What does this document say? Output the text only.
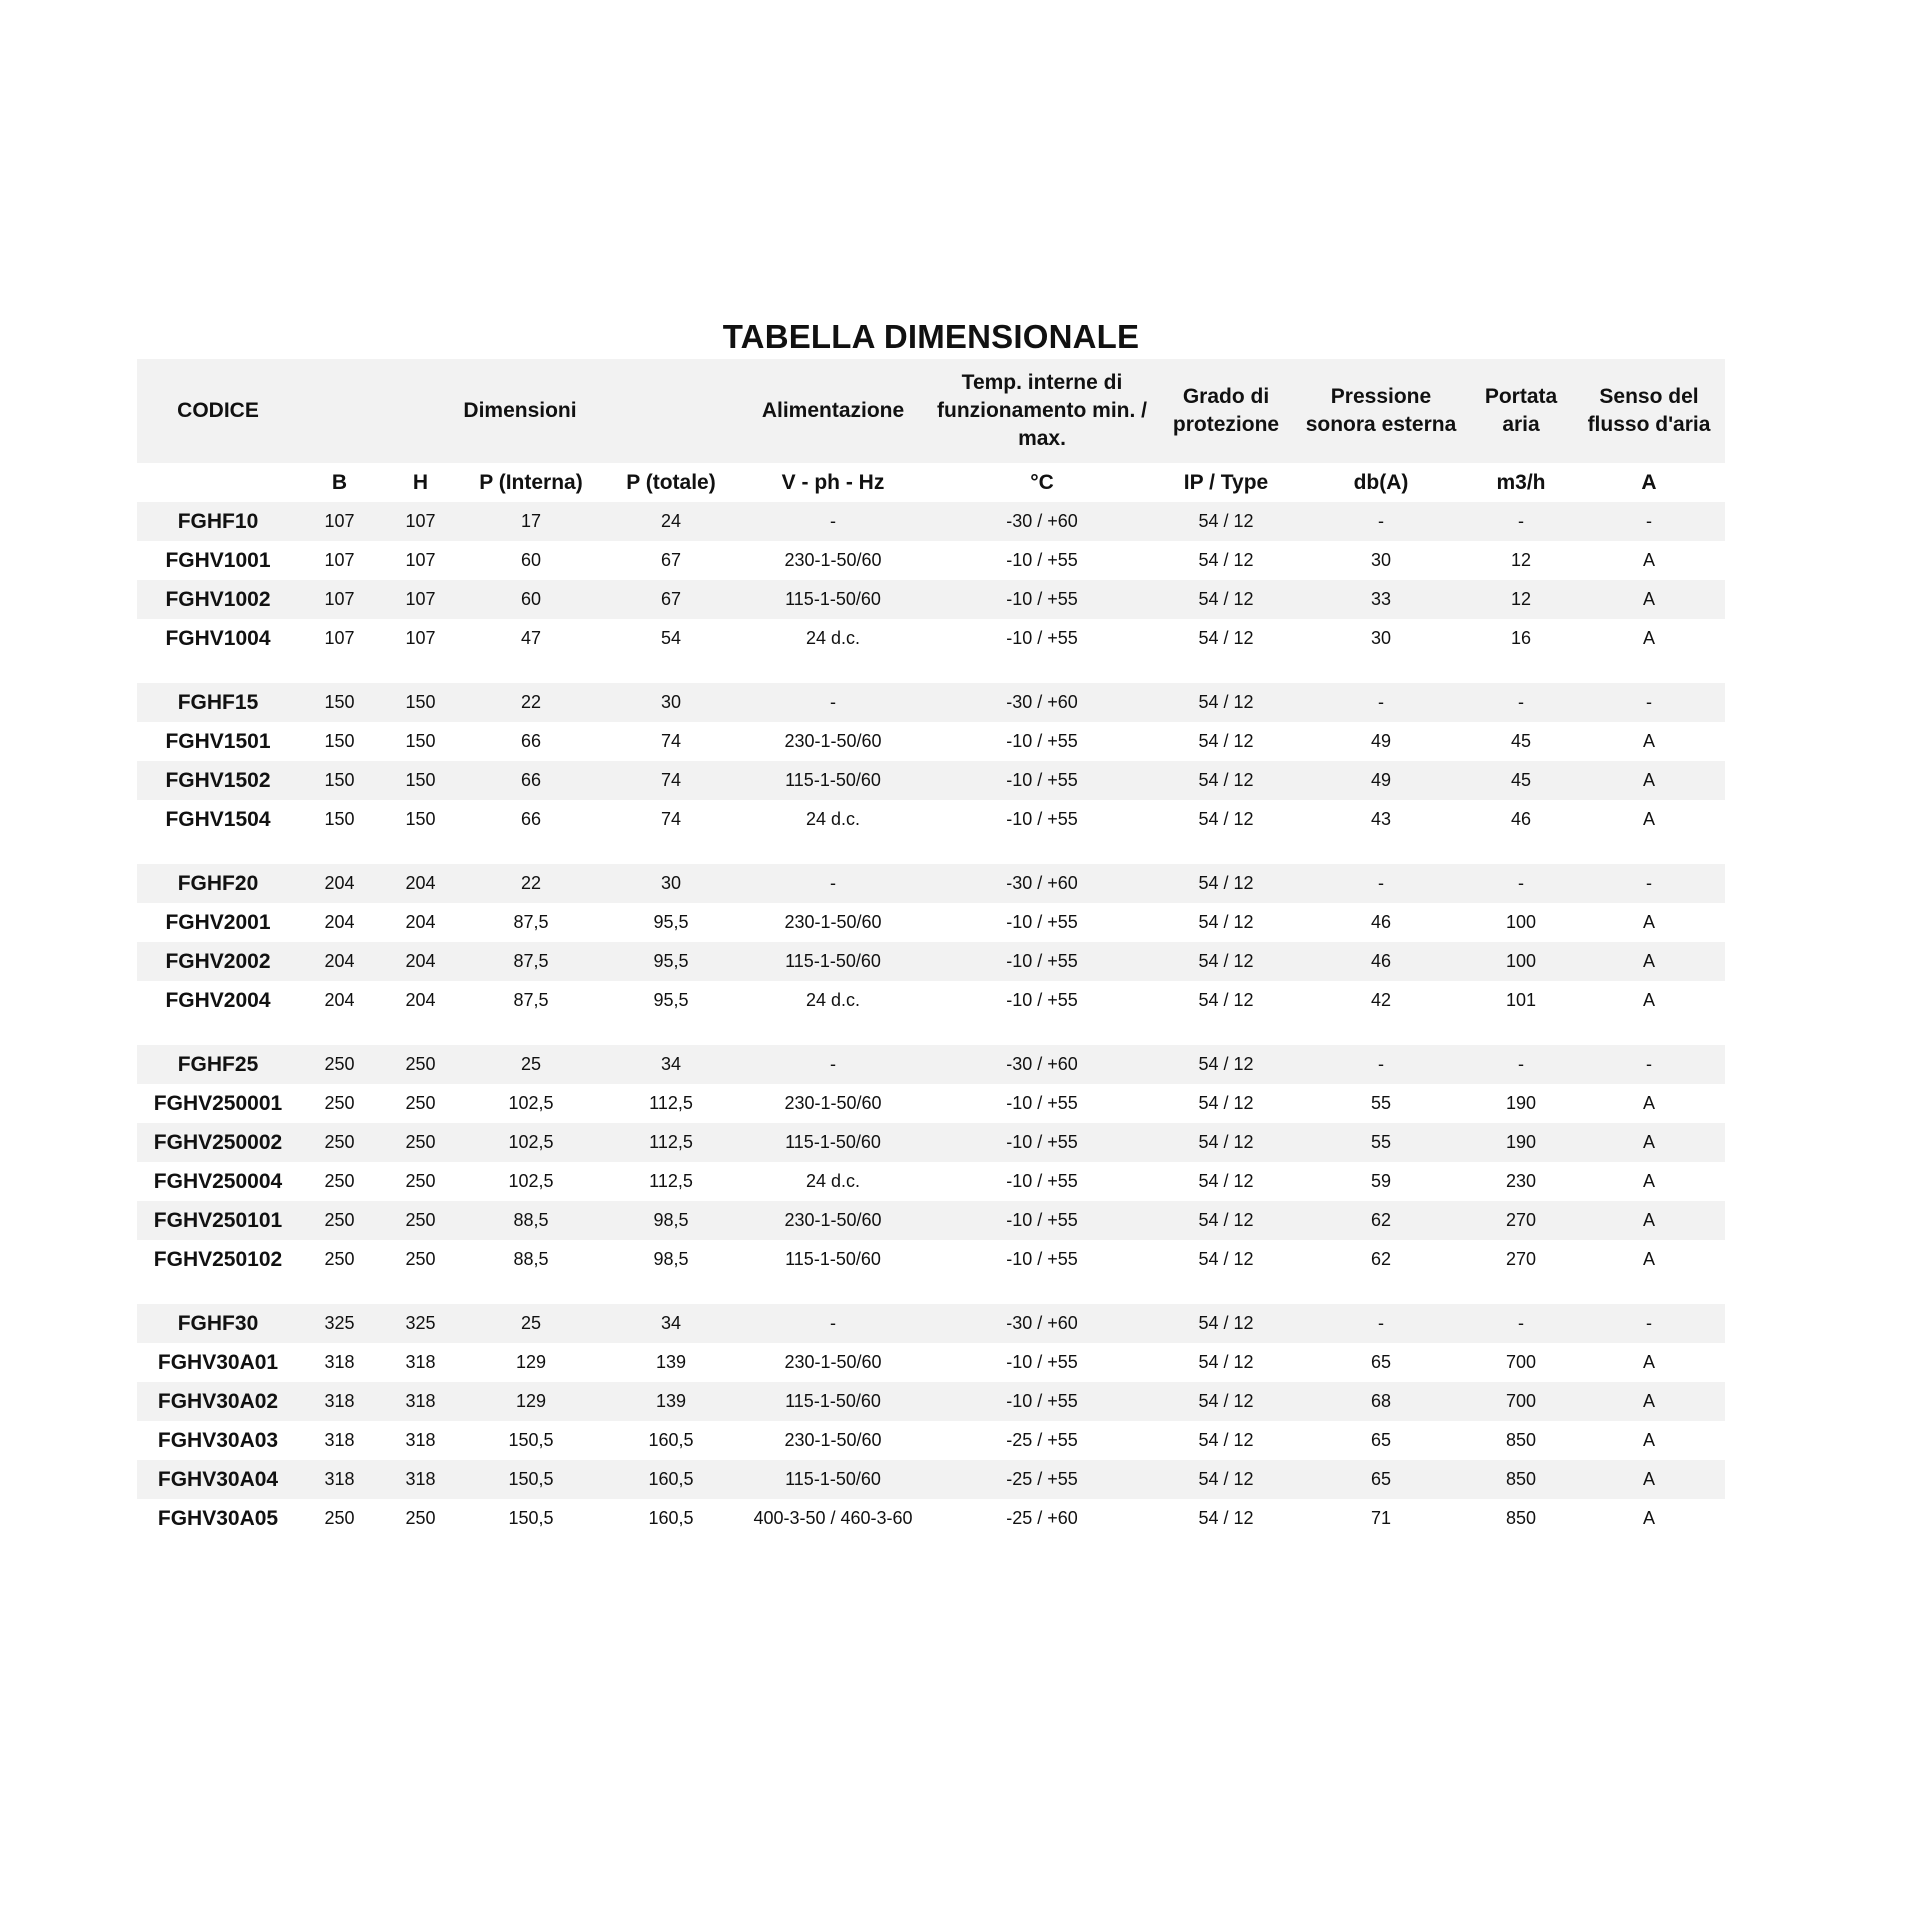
TABELLA DIMENSIONALE
CODICE	Dimensioni				Alimentazione	Temp. interne di funzionamento min. / max.	Grado di protezione	Pressione sonora esterna	Portata aria	Senso del flusso d'aria
	B	H	P (Interna)	P (totale)	V - ph - Hz	°C	IP / Type	db(A)	m3/h	A
FGHF10	107	107	17	24	-	-30 / +60	54 / 12	-	-	-
FGHV1001	107	107	60	67	230-1-50/60	-10 / +55	54 / 12	30	12	A
FGHV1002	107	107	60	67	115-1-50/60	-10 / +55	54 / 12	33	12	A
FGHV1004	107	107	47	54	24 d.c.	-10 / +55	54 / 12	30	16	A

FGHF15	150	150	22	30	-	-30 / +60	54 / 12	-	-	-
FGHV1501	150	150	66	74	230-1-50/60	-10 / +55	54 / 12	49	45	A
FGHV1502	150	150	66	74	115-1-50/60	-10 / +55	54 / 12	49	45	A
FGHV1504	150	150	66	74	24 d.c.	-10 / +55	54 / 12	43	46	A

FGHF20	204	204	22	30	-	-30 / +60	54 / 12	-	-	-
FGHV2001	204	204	87,5	95,5	230-1-50/60	-10 / +55	54 / 12	46	100	A
FGHV2002	204	204	87,5	95,5	115-1-50/60	-10 / +55	54 / 12	46	100	A
FGHV2004	204	204	87,5	95,5	24 d.c.	-10 / +55	54 / 12	42	101	A

FGHF25	250	250	25	34	-	-30 / +60	54 / 12	-	-	-
FGHV250001	250	250	102,5	112,5	230-1-50/60	-10 / +55	54 / 12	55	190	A
FGHV250002	250	250	102,5	112,5	115-1-50/60	-10 / +55	54 / 12	55	190	A
FGHV250004	250	250	102,5	112,5	24 d.c.	-10 / +55	54 / 12	59	230	A
FGHV250101	250	250	88,5	98,5	230-1-50/60	-10 / +55	54 / 12	62	270	A
FGHV250102	250	250	88,5	98,5	115-1-50/60	-10 / +55	54 / 12	62	270	A

FGHF30	325	325	25	34	-	-30 / +60	54 / 12	-	-	-
FGHV30A01	318	318	129	139	230-1-50/60	-10 / +55	54 / 12	65	700	A
FGHV30A02	318	318	129	139	115-1-50/60	-10 / +55	54 / 12	68	700	A
FGHV30A03	318	318	150,5	160,5	230-1-50/60	-25 / +55	54 / 12	65	850	A
FGHV30A04	318	318	150,5	160,5	115-1-50/60	-25 / +55	54 / 12	65	850	A
FGHV30A05	250	250	150,5	160,5	400-3-50 / 460-3-60	-25 / +60	54 / 12	71	850	A
